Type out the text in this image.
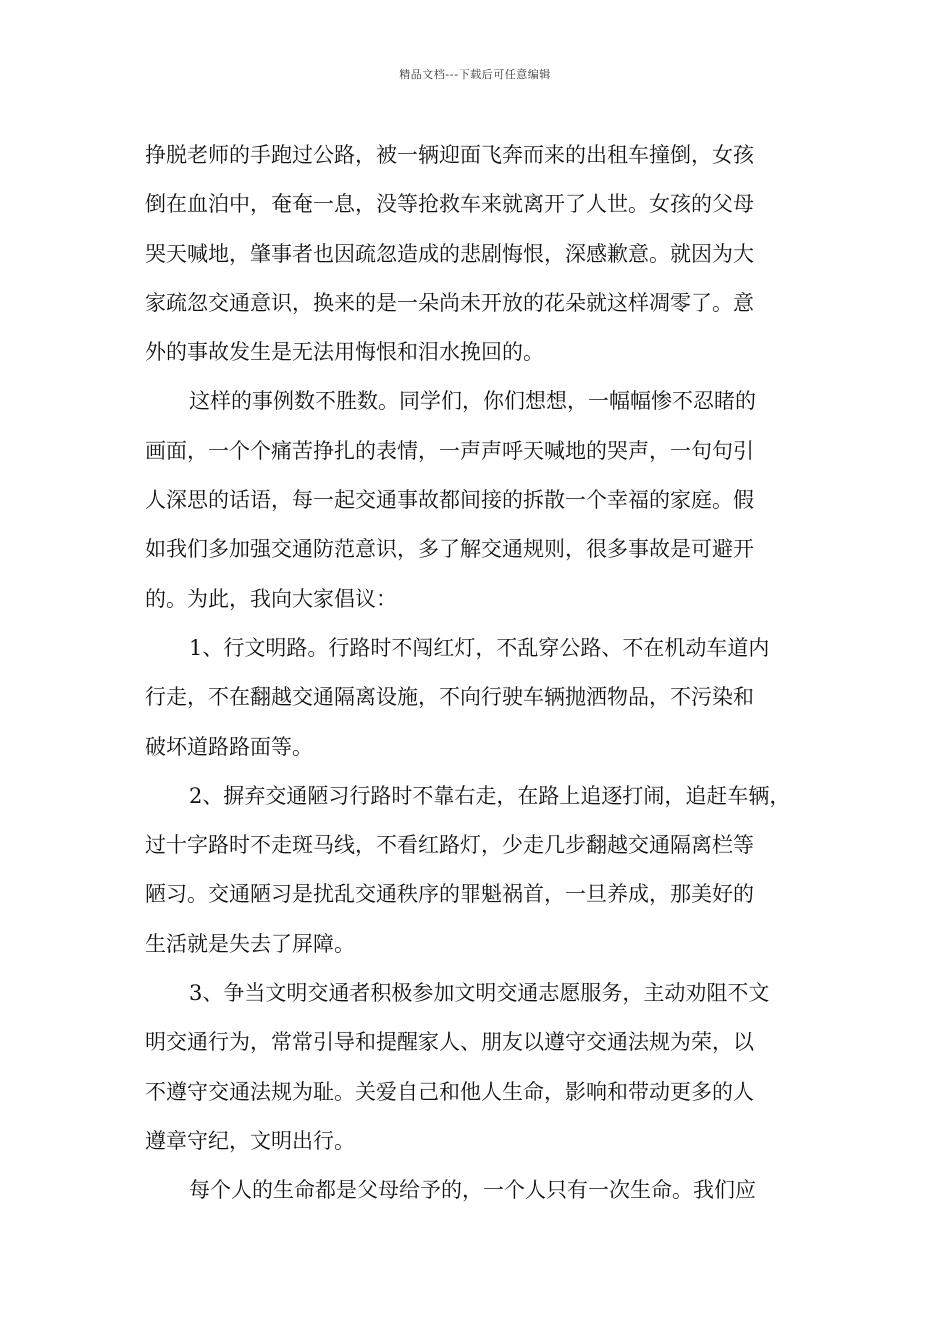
精品文档---下载后可任意编辑
挣脱老师的手跑过公路，被一辆迎面飞奔而来的出租车撞倒，女孩
倒在血泊中，奄奄一息，没等抢救车来就离开了人世。女孩的父母
哭天喊地，肇事者也因疏忽造成的悲剧悔恨，深感歉意。就因为大
家疏忽交通意识，换来的是一朵尚未开放的花朵就这样凋零了。意
外的事故发生是无法用悔恨和泪水挽回的。
这样的事例数不胜数。同学们，你们想想，一幅幅惨不忍睹的
画面，一个个痛苦挣扎的表情，一声声呼天喊地的哭声，一句句引
人深思的话语，每一起交通事故都间接的拆散一个幸福的家庭。假
如我们多加强交通防范意识，多了解交通规则，很多事故是可避开
的。为此，我向大家倡议：
1、行文明路。行路时不闯红灯，不乱穿公路、不在机动车道内
行走，不在翻越交通隔离设施，不向行驶车辆抛洒物品，不污染和
破坏道路路面等。
2、摒弃交通陋习行路时不靠右走，在路上追逐打闹，追赶车辆，
过十字路时不走斑马线，不看红路灯，少走几步翻越交通隔离栏等
陋习。交通陋习是扰乱交通秩序的罪魁祸首，一旦养成，那美好的
生活就是失去了屏障。
3、争当文明交通者积极参加文明交通志愿服务，主动劝阻不文
明交通行为，常常引导和提醒家人、朋友以遵守交通法规为荣，以
不遵守交通法规为耻。关爱自己和他人生命，影响和带动更多的人
遵章守纪，文明出行。
每个人的生命都是父母给予的，一个人只有一次生命。我们应
